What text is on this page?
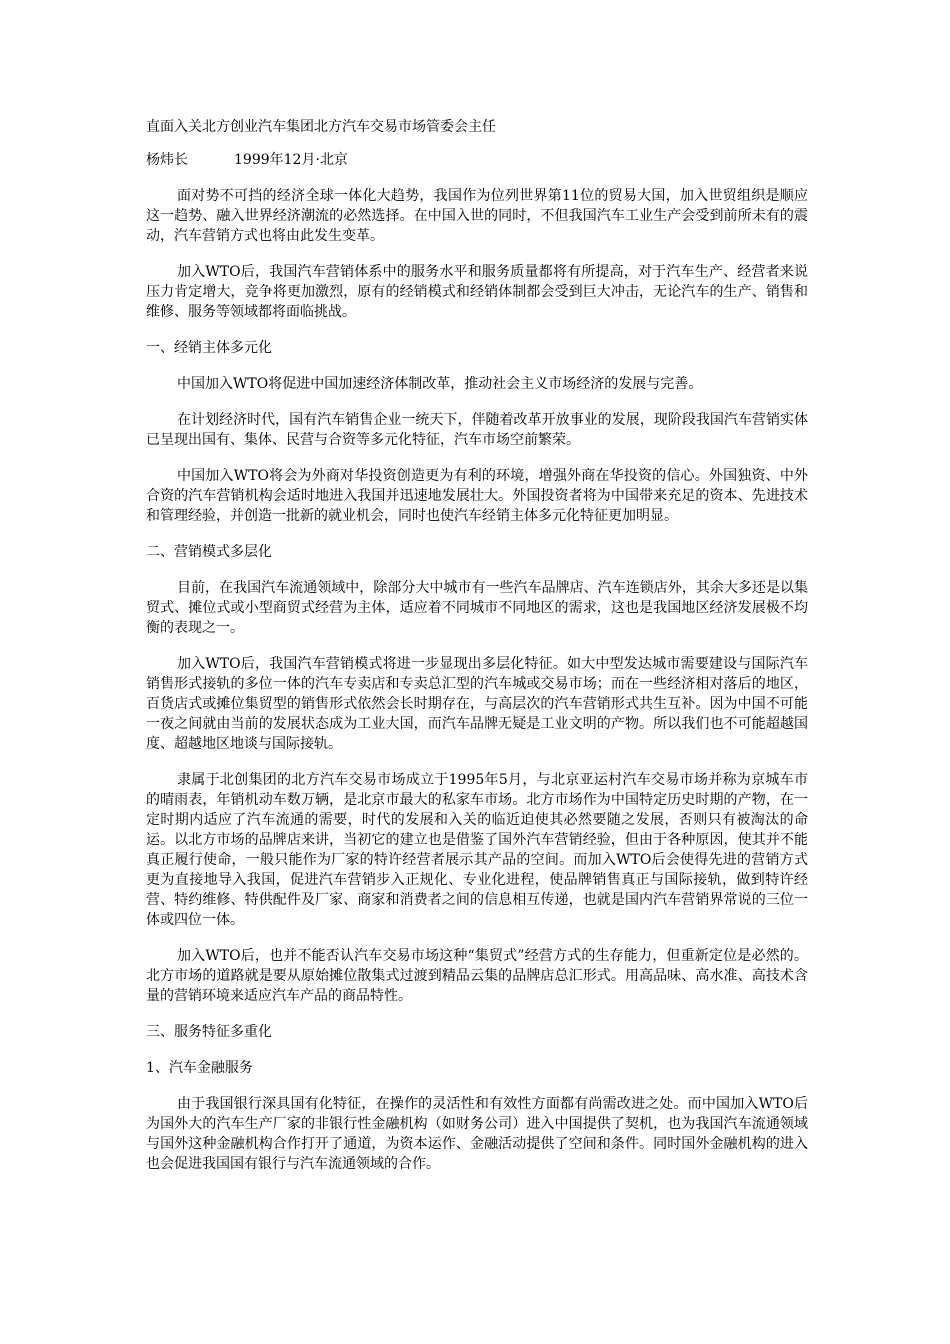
直面入关北方创业汽车集团北方汽车交易市场管委会主任
杨炜长	1999年12月·北京
面对势不可挡的经济全球一体化大趋势，我国作为位列世界第11位的贸易大国，加入世贸组织是顺应这一趋势、融入世界经济潮流的必然选择。在中国入世的同时，不但我国汽车工业生产会受到前所未有的震动，汽车营销方式也将由此发生变革。
加入WTO后，我国汽车营销体系中的服务水平和服务质量都将有所提高，对于汽车生产、经营者来说压力肯定增大，竞争将更加激烈，原有的经销模式和经销体制都会受到巨大冲击，无论汽车的生产、销售和维修、服务等领域都将面临挑战。
一、经销主体多元化
中国加入WTO将促进中国加速经济体制改革，推动社会主义市场经济的发展与完善。
在计划经济时代，国有汽车销售企业一统天下，伴随着改革开放事业的发展，现阶段我国汽车营销实体已呈现出国有、集体、民营与合资等多元化特征，汽车市场空前繁荣。
中国加入WTO将会为外商对华投资创造更为有利的环境，增强外商在华投资的信心。外国独资、中外合资的汽车营销机构会适时地进入我国并迅速地发展壮大。外国投资者将为中国带来充足的资本、先进技术和管理经验，并创造一批新的就业机会，同时也使汽车经销主体多元化特征更加明显。
二、营销模式多层化
目前，在我国汽车流通领域中，除部分大中城市有一些汽车品牌店、汽车连锁店外，其余大多还是以集贸式、摊位式或小型商贸式经营为主体，适应着不同城市不同地区的需求，这也是我国地区经济发展极不均衡的表现之一。
加入WTO后，我国汽车营销模式将进一步显现出多层化特征。如大中型发达城市需要建设与国际汽车销售形式接轨的多位一体的汽车专卖店和专卖总汇型的汽车城或交易市场；而在一些经济相对落后的地区，百货店式或摊位集贸型的销售形式依然会长时期存在，与高层次的汽车营销形式共生互补。因为中国不可能一夜之间就由当前的发展状态成为工业大国，而汽车品牌无疑是工业文明的产物。所以我们也不可能超越国度、超越地区地谈与国际接轨。
隶属于北创集团的北方汽车交易市场成立于1995年5月，与北京亚运村汽车交易市场并称为京城车市的晴雨表，年销机动车数万辆，是北京市最大的私家车市场。北方市场作为中国特定历史时期的产物，在一定时期内适应了汽车流通的需要，时代的发展和入关的临近迫使其必然要随之发展，否则只有被淘汰的命运。以北方市场的品牌店来讲，当初它的建立也是借鉴了国外汽车营销经验，但由于各种原因，使其并不能真正履行使命，一般只能作为厂家的特许经营者展示其产品的空间。而加入WTO后会使得先进的营销方式更为直接地导入我国，促进汽车营销步入正规化、专业化进程，使品牌销售真正与国际接轨，做到特许经营、特约维修、特供配件及厂家、商家和消费者之间的信息相互传递，也就是国内汽车营销界常说的三位一体或四位一体。
加入WTO后，也并不能否认汽车交易市场这种“集贸式”经营方式的生存能力，但重新定位是必然的。北方市场的道路就是要从原始摊位散集式过渡到精品云集的品牌店总汇形式。用高品味、高水准、高技术含量的营销环境来适应汽车产品的商品特性。
三、服务特征多重化
1、汽车金融服务
由于我国银行深具国有化特征，在操作的灵活性和有效性方面都有尚需改进之处。而中国加入WTO后为国外大的汽车生产厂家的非银行性金融机构（如财务公司）进入中国提供了契机，也为我国汽车流通领域与国外这种金融机构合作打开了通道，为资本运作、金融活动提供了空间和条件。同时国外金融机构的进入也会促进我国国有银行与汽车流通领域的合作。
